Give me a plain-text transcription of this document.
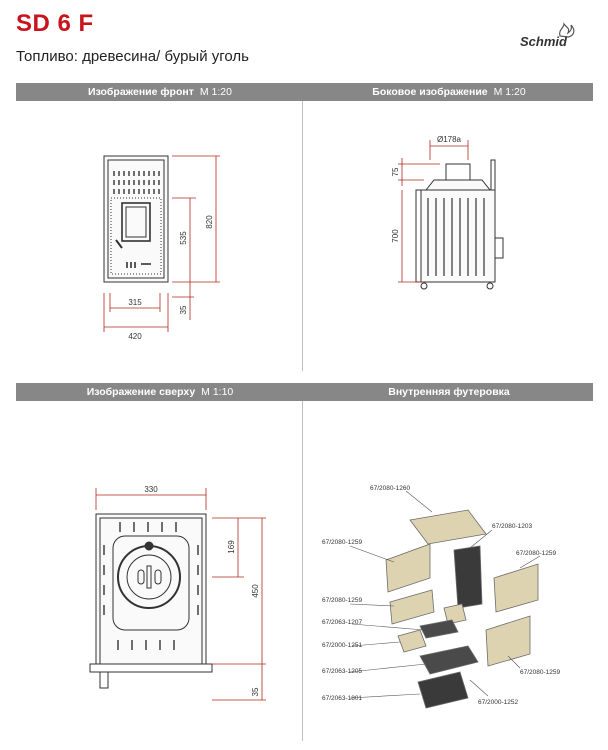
SD 6 F
Топливо: древесина/ бурый уголь
Schmid
Изображение фронт M 1:20	Боковое изображение M 1:20
Изображение сверху M 1:10	Внутренняя футеровка
315
420
820
535
35
Ø178a
75
700
330
169
450
35
67/2080-1260
67/2080-1203
67/2080-1259
67/2080-1259
67/2080-1259
67/2063-1207
67/2000-1251
67/2063-1205
67/2063-1801
67/2000-1252
67/2080-1259
